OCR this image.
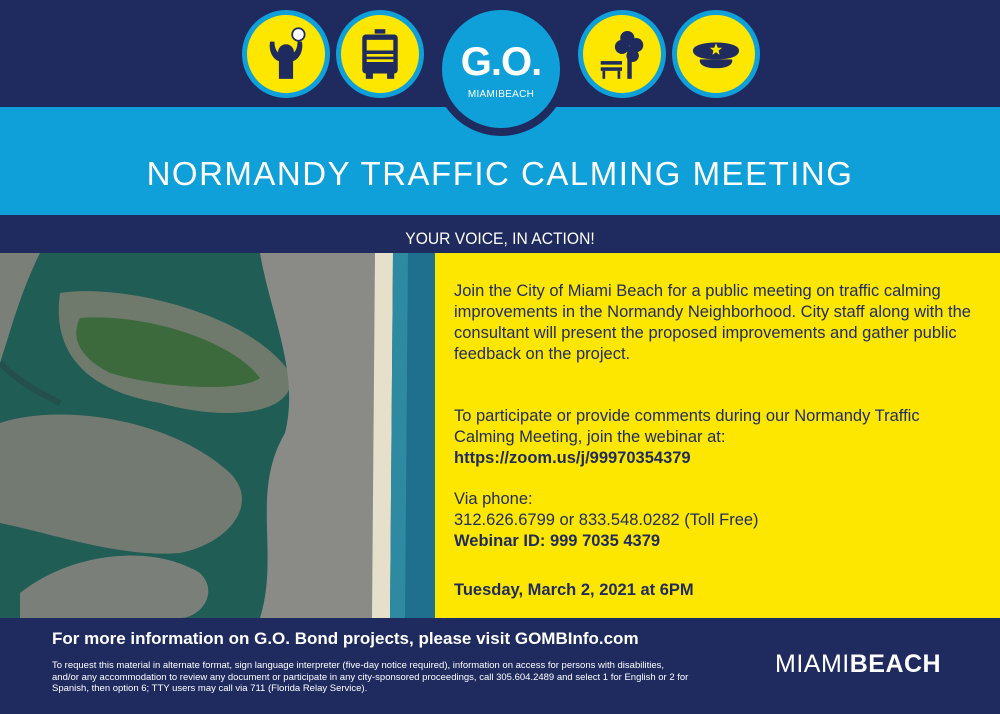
G.O.
MIAMIBEACH
NORMANDY TRAFFIC CALMING MEETING
YOUR VOICE, IN ACTION!

Join the City of Miami Beach for a public meeting on traffic calming improvements in the Normandy Neighborhood. City staff along with the consultant will present the proposed improvements and gather public feedback on the project.

To participate or provide comments during our Normandy Traffic Calming Meeting, join the webinar at:
https://zoom.us/j/99970354379
Via phone:
312.626.6799 or 833.548.0282 (Toll Free)
Webinar ID: 999 7035 4379
Tuesday, March 2, 2021 at 6PM
For more information on G.O. Bond projects, please visit GOMBInfo.com

To request this material in alternate format, sign language interpreter (five-day notice required), information on access for persons with disabilities, and/or any accommodation to review any document or participate in any city-sponsored proceedings, call 305.604.2489 and select 1 for English or 2 for Spanish, then option 6; TTY users may call via 711 (Florida Relay Service).

MIAMIBEACH
